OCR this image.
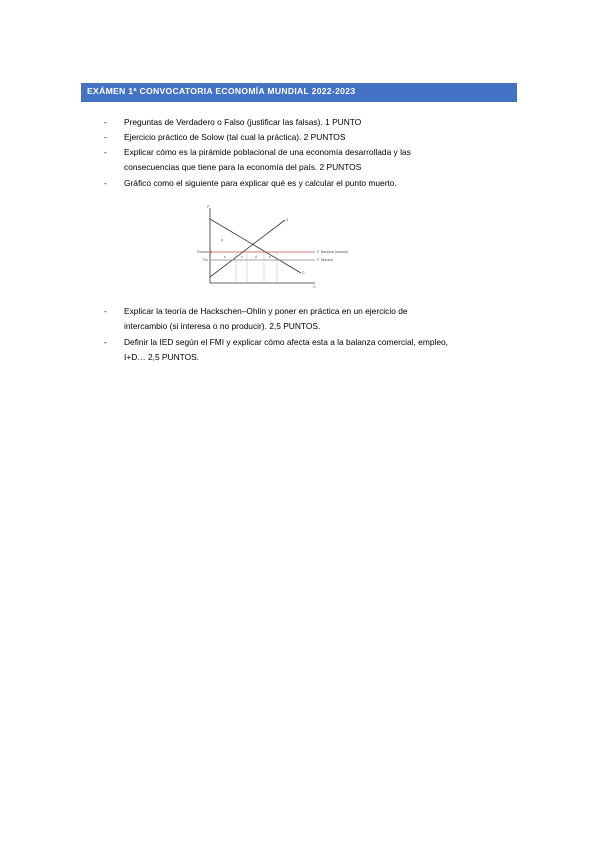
EXÁMEN 1ª CONVOCATORIA ECONOMÍA MUNDIAL 2022-2023
- Preguntas de Verdadero o Falso (justificar las falsas). 1 PUNTO
- Ejercicio práctico de Solow (tal cual la práctica). 2 PUNTOS
- Explicar cómo es la pirámide poblacional de una economía desarrollada y las
consecuencias que tiene para la economía del país. 2 PUNTOS
- Gráfico como el siguiente para explicar qué es y calcular el punto muerto.
P
Q
S
D
Pnacional	P. Nacional (arancel)
Pw	P. Mundial
a
b	c	d	e
- Explicar la teoría de Hackschen–Ohlin y poner en práctica en un ejercicio de
intercambio (si interesa o no producir). 2,5 PUNTOS.
- Definir la IED según el FMI y explicar cómo afecta esta a la balanza comercial, empleo,
I+D… 2,5 PUNTOS.
